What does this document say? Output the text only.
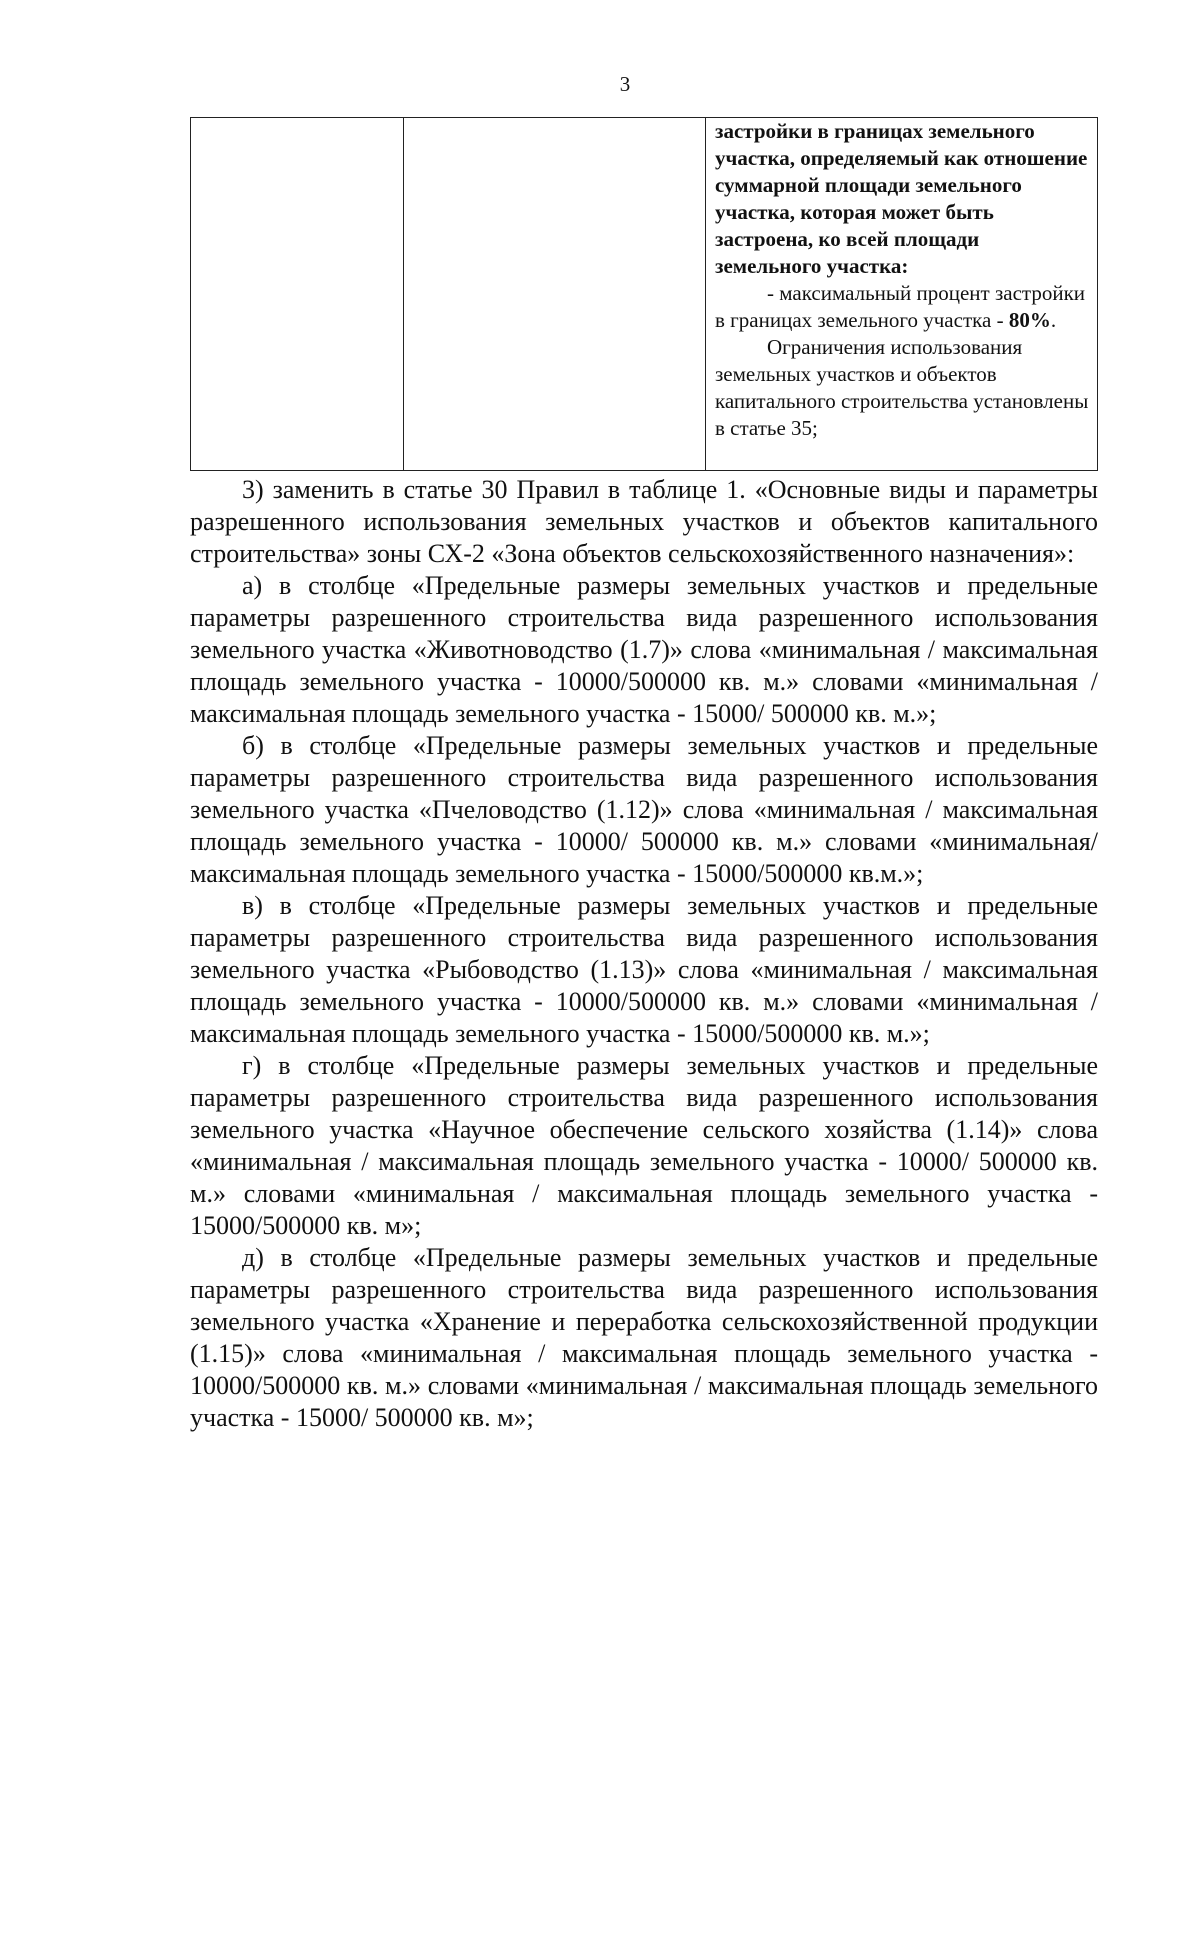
3

застройки в границах земельного участка, определяемый как отношение суммарной площади земельного участка, которая может быть застроена, ко всей площади земельного участка:

- максимальный процент застройки в границах земельного участка - 80%.

Ограничения использования земельных участков и объектов капитального строительства установлены в статье 35;

3) заменить в статье 30 Правил в таблице 1. «Основные виды и параметры разрешенного использования земельных участков и объектов капитального строительства» зоны СХ-2 «Зона объектов сельскохозяйственного назначения»:

а) в столбце «Предельные размеры земельных участков и предельные параметры разрешенного строительства вида разрешенного использования земельного участка «Животноводство (1.7)» слова «минимальная / максимальная площадь земельного участка - 10000/500000 кв. м.» словами «минимальная / максимальная площадь земельного участка - 15000/ 500000 кв. м.»;

б) в столбце «Предельные размеры земельных участков и предельные параметры разрешенного строительства вида разрешенного использования земельного участка «Пчеловодство (1.12)» слова «минимальная / максимальная площадь земельного участка - 10000/ 500000 кв. м.» словами «минимальная/максимальная площадь земельного участка - 15000/500000 кв.м.»;

в) в столбце «Предельные размеры земельных участков и предельные параметры разрешенного строительства вида разрешенного использования земельного участка «Рыбоводство (1.13)» слова «минимальная / максимальная площадь земельного участка - 10000/500000 кв. м.» словами «минимальная / максимальная площадь земельного участка - 15000/500000 кв. м.»;

г) в столбце «Предельные размеры земельных участков и предельные параметры разрешенного строительства вида разрешенного использования земельного участка «Научное обеспечение сельского хозяйства (1.14)» слова «минимальная / максимальная площадь земельного участка - 10000/ 500000 кв. м.» словами «минимальная / максимальная площадь земельного участка - 15000/500000 кв. м»;

д) в столбце «Предельные размеры земельных участков и предельные параметры разрешенного строительства вида разрешенного использования земельного участка «Хранение и переработка сельскохозяйственной продукции (1.15)» слова «минимальная / максимальная площадь земельного участка - 10000/500000 кв. м.» словами «минимальная / максимальная площадь земельного участка - 15000/ 500000 кв. м»;
